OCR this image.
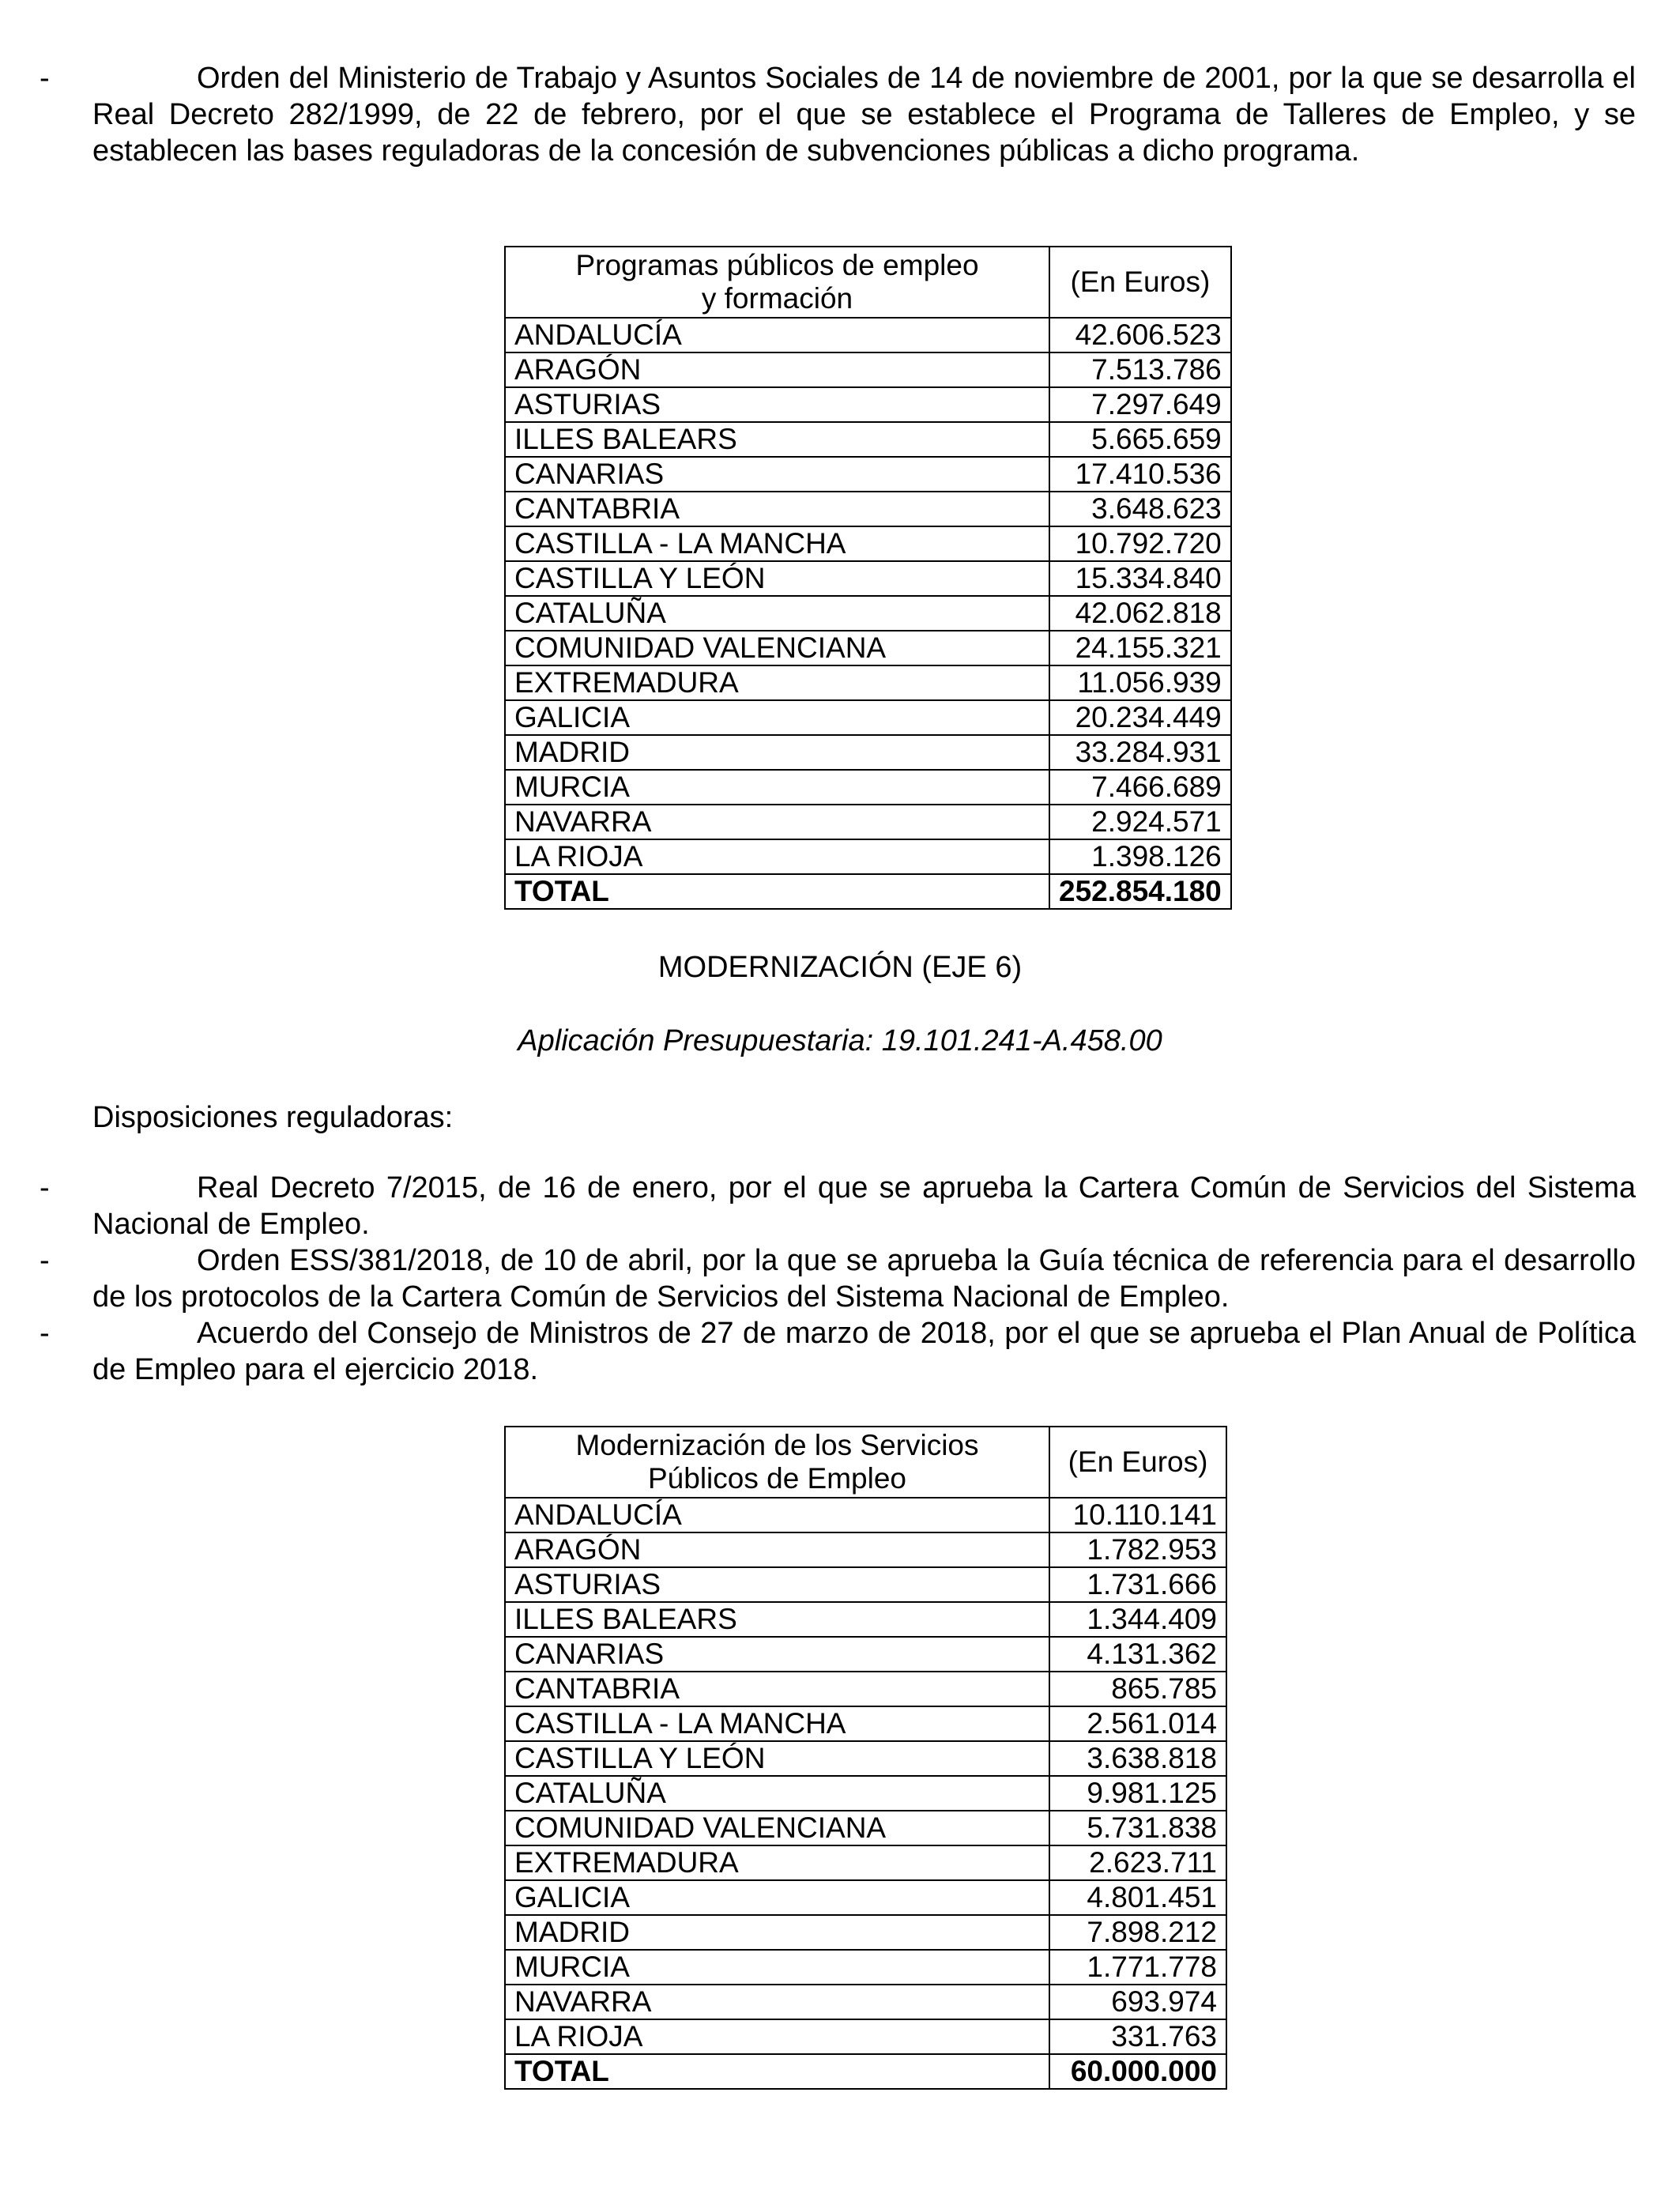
-	Orden del Ministerio de Trabajo y Asuntos Sociales de 14 de noviembre de 2001, por la que se desarrolla el Real Decreto 282/1999, de 22 de febrero, por el que se establece el Programa de Talleres de Empleo, y se establecen las bases reguladoras de la concesión de subvenciones públicas a dicho programa.
Programas públicos de empleo
y formación	(En Euros)
ANDALUCÍA	42.606.523
ARAGÓN	7.513.786
ASTURIAS	7.297.649
ILLES BALEARS	5.665.659
CANARIAS	17.410.536
CANTABRIA	3.648.623
CASTILLA - LA MANCHA	10.792.720
CASTILLA Y LEÓN	15.334.840
CATALUÑA	42.062.818
COMUNIDAD VALENCIANA	24.155.321
EXTREMADURA	11.056.939
GALICIA	20.234.449
MADRID	33.284.931
MURCIA	7.466.689
NAVARRA	2.924.571
LA RIOJA	1.398.126
TOTAL	252.854.180
MODERNIZACIÓN (EJE 6)
Aplicación Presupuestaria: 19.101.241-A.458.00
Disposiciones reguladoras:
-	Real Decreto 7/2015, de 16 de enero, por el que se aprueba la Cartera Común de Servicios del Sistema Nacional de Empleo.
-	Orden ESS/381/2018, de 10 de abril, por la que se aprueba la Guía técnica de referencia para el desarrollo de los protocolos de la Cartera Común de Servicios del Sistema Nacional de Empleo.
-	Acuerdo del Consejo de Ministros de 27 de marzo de 2018, por el que se aprueba el Plan Anual de Política de Empleo para el ejercicio 2018.
Modernización de los Servicios
Públicos de Empleo	(En Euros)
ANDALUCÍA	10.110.141
ARAGÓN	1.782.953
ASTURIAS	1.731.666
ILLES BALEARS	1.344.409
CANARIAS	4.131.362
CANTABRIA	865.785
CASTILLA - LA MANCHA	2.561.014
CASTILLA Y LEÓN	3.638.818
CATALUÑA	9.981.125
COMUNIDAD VALENCIANA	5.731.838
EXTREMADURA	2.623.711
GALICIA	4.801.451
MADRID	7.898.212
MURCIA	1.771.778
NAVARRA	693.974
LA RIOJA	331.763
TOTAL	60.000.000
